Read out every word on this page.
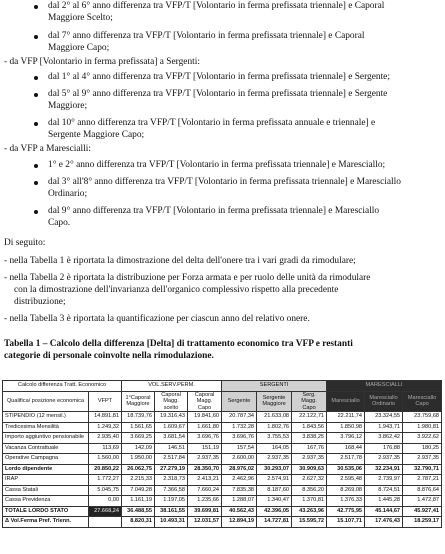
dal 2° al 6° anno differenza tra VFP/T [Volontario in ferma prefissata triennale] e Caporal
Maggiore Scelto;
dal 7° anno differenza tra VFP/T [Volontario in ferma prefissata triennale] e Caporal
Maggiore Capo;
- da VFP [Volontario in ferma prefissata] a Sergenti:
dal 1° al 4° anno differenza tra VFP/T [Volontario in ferma prefissata triennale] e Sergente;
dal 5° al 9° anno differenza tra VFP/T [Volontario in ferma prefissata triennale] e Sergente
Maggiore;
dal 10° anno differenza tra VFP/T [Volontario in ferma prefissata annuale e triennale] e
Sergente Maggiore Capo;
- da VFP a Marescialli:
1° e 2° anno differenza tra VFP/T [Volontario in ferma prefissata triennale] e Maresciallo;
dal 3° all'8° anno differenza tra VFP/T [Volontario in ferma prefissata triennale] e Maresciallo
Ordinario;
dal 9° anno differenza tra VFP/T [Volontario in ferma prefissata triennale] e Maresciallo
Capo.
Di seguito:
- nella Tabella 1 è riportata la dimostrazione del delta dell'onere tra i vari gradi da rimodulare;
- nella Tabella 2 è riportata la distribuzione per Forza armata e per ruolo delle unità da rimodulare
con la dimostrazione dell'invarianza dell'organico complessivo rispetto alla precedente
distribuzione;
- nella Tabella 3 è riportata la quantificazione per ciascun anno del relativo onere.
Tabella 1 – Calcolo della differenza [Delta] di trattamento economico tra VFP e restanti
categorie di personale coinvolte nella rimodulazione.
Calcolo differenza Tratt. Economico		VOL.SERV.PERM.			SERGENTI			MARESCIALLI		
Qualifica/ posizione economica	VFPT	1°Caporal Maggiore	Caporal Magg. scelto	Caporal Magg. Capo	Sergente	Sergente Maggiore	Serg. Magg. Capo	Maresciallo	Maresciallo Ordinario	Maresciallo Capo
STIPENDIO (12 mensil.)	14.891,81	18.739,76	19.316,43	19.841,60	20.787,34	21.633,08	22.122,71	22.211,74	23.324,55	23.759,68
Tredicesima Mensilità	1.249,32	1.561,65	1.609,67	1.661,80	1.732,28	1.802,76	1.843,56	1.850,98	1.943,71	1.980,81
Importo aggiuntivo pensionabile	2.935,40	3.669,25	3.681,54	3.696,76	3.696,76	3.755,53	3.838,25	3.796,12	3.862,42	3.922,62
Vacanza Contrattuale	113,69	142,09	146,51	151,19	157,54	164,05	167,76	168,44	176,88	180,25
Operative Campagna	1.560,00	1.950,00	2.517,84	2.937,35	2.600,00	2.937,35	2.937,35	2.517,78	2.937,35	2.937,35
Lordo dipendente	20.850,22	26.062,75	27.279,19	28.350,70	28.976,02	30.293,07	30.909,63	30.535,06	32.234,91	32.790,71
IRAP	1.772,27	2.215,33	2.318,73	2.413,21	2.462,96	2.574,91	2.627,32	2.595,48	2.739,97	2.787,21
Cassa Statali	5.045,75	7.049,28	7.366,58	7.660,24	7.835,38	8.187,60	8.356,20	8.269,08	8.724,51	8.876,64
Cassa Previdenza	0,00	1.161,19	1.197,05	1.235,66	1.288,07	1.340,47	1.370,81	1.376,33	1.445,28	1.472,87
TOTALE LORDO STATO	27.668,24	36.488,55	38.161,55	39.699,81	40.562,43	42.396,05	43.263,96	42.775,95	45.144,67	45.927,41
Δ Vol.Ferma Pref. Trienn.		8.820,31	10.493,31	12.031,57	12.894,19	14.727,81	15.595,72	15.107,71	17.476,43	18.259,17
